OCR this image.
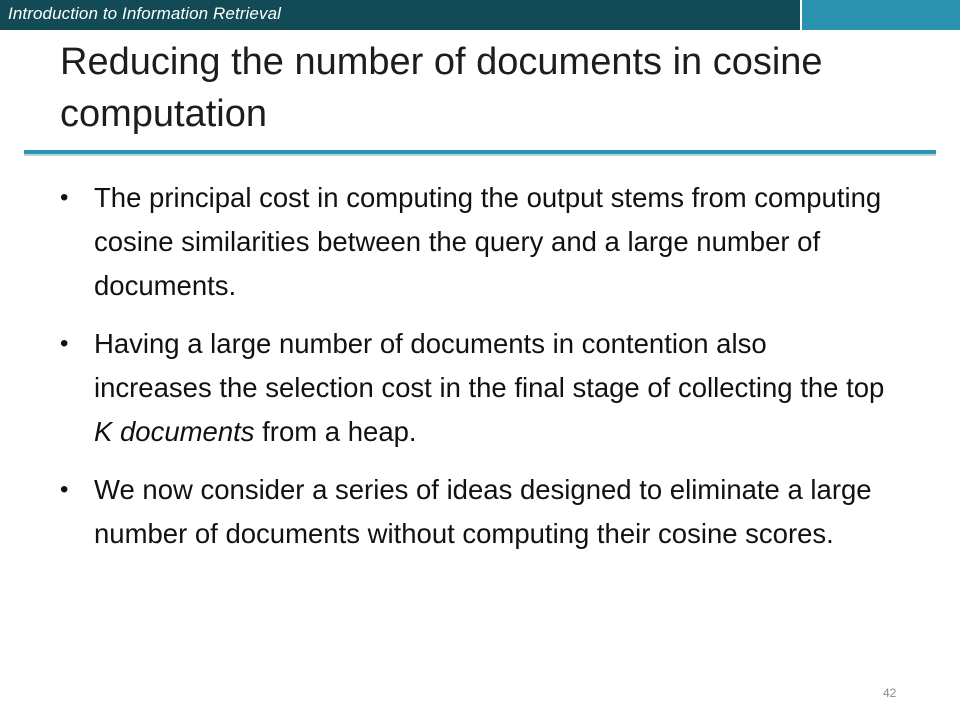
Introduction to Information Retrieval
Reducing the number of documents in cosine computation
• The principal cost in computing the output stems from computing cosine similarities between the query and a large number of documents.
• Having a large number of documents in contention also increases the selection cost in the final stage of collecting the top K documents from a heap.
• We now consider a series of ideas designed to eliminate a large number of documents without computing their cosine scores.
42
